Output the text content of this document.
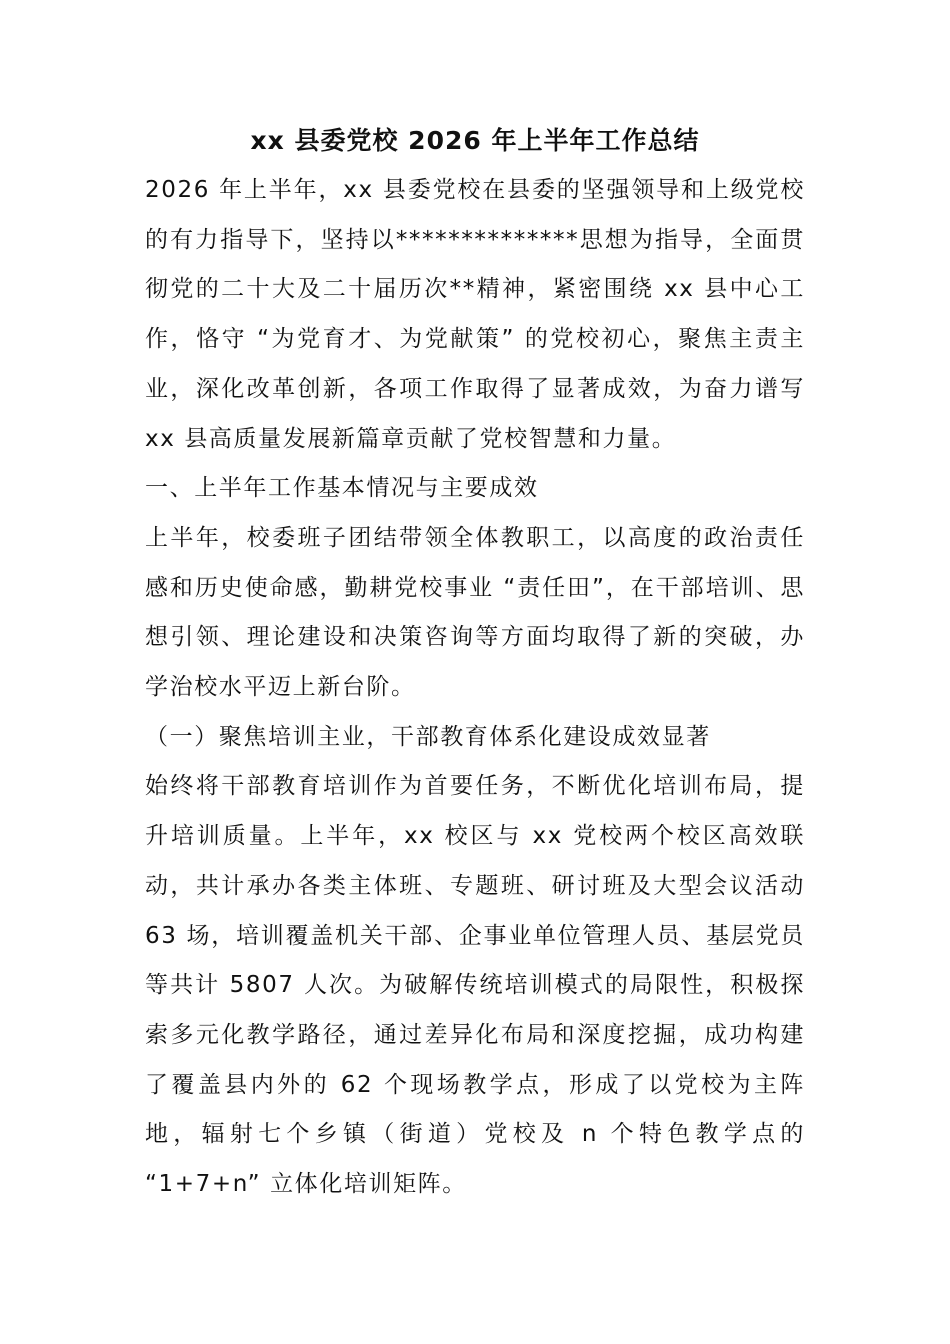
xx 县委党校 2026 年上半年工作总结

2026 年上半年，xx 县委党校在县委的坚强领导和上级党校的有力指导下，坚持以**************思想为指导，全面贯彻党的二十大及二十届历次**精神，紧密围绕 xx 县中心工作，恪守 “为党育才、为党献策” 的党校初心，聚焦主责主业，深化改革创新，各项工作取得了显著成效，为奋力谱写 xx 县高质量发展新篇章贡献了党校智慧和力量。

一、上半年工作基本情况与主要成效

上半年，校委班子团结带领全体教职工，以高度的政治责任感和历史使命感，勤耕党校事业 “责任田”，在干部培训、思想引领、理论建设和决策咨询等方面均取得了新的突破，办学治校水平迈上新台阶。

（一）聚焦培训主业，干部教育体系化建设成效显著

始终将干部教育培训作为首要任务，不断优化培训布局，提升培训质量。上半年，xx 校区与 xx 党校两个校区高效联动，共计承办各类主体班、专题班、研讨班及大型会议活动 63 场，培训覆盖机关干部、企事业单位管理人员、基层党员等共计 5807 人次。为破解传统培训模式的局限性，积极探索多元化教学路径，通过差异化布局和深度挖掘，成功构建了覆盖县内外的 62 个现场教学点，形成了以党校为主阵地，辐射七个乡镇（街道）党校及 n 个特色教学点的 “1+7+n” 立体化培训矩阵。
